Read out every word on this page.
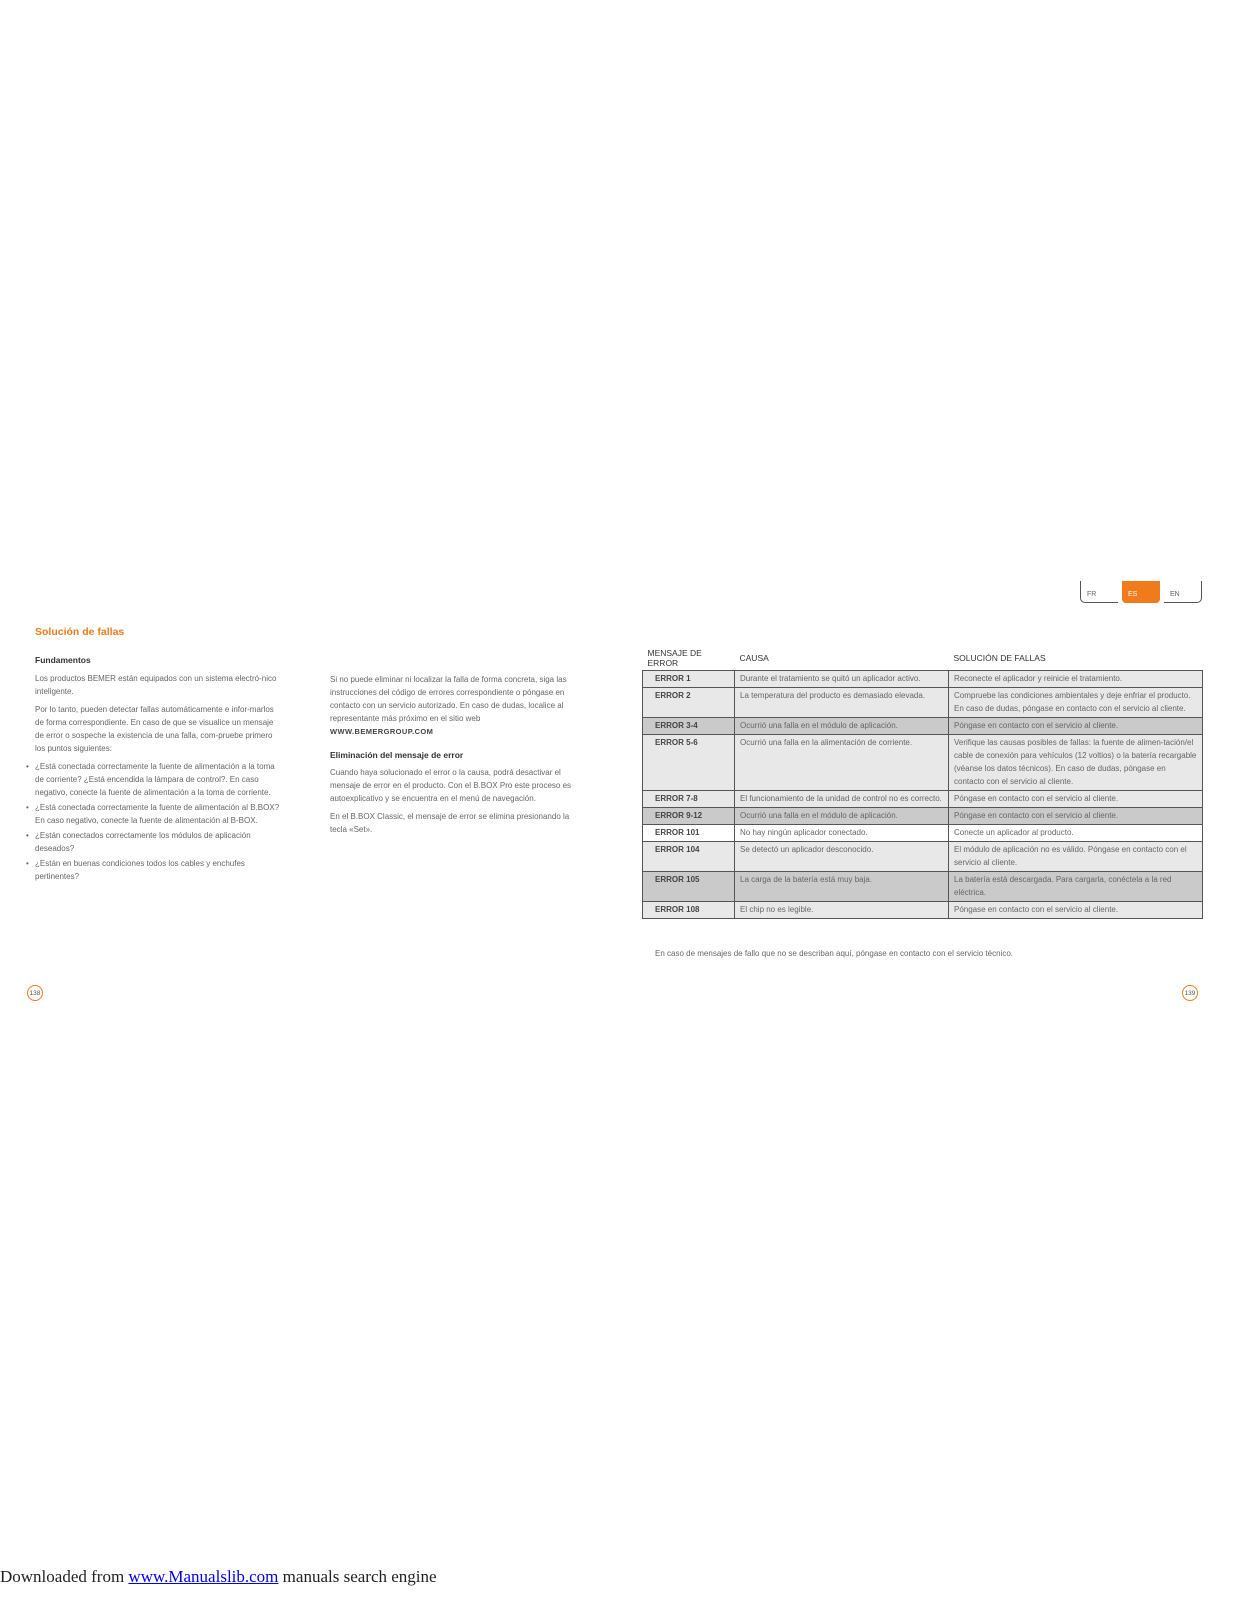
FR	ES	EN
Solución de fallas
Fundamentos

Los productos BEMER están equipados con un sistema electró-nico inteligente.

Por lo tanto, pueden detectar fallas automáticamente e infor-marlos de forma correspondiente. En caso de que se visualice un mensaje de error o sospeche la existencia de una falla, com-pruebe primero los puntos siguientes:

• ¿Está conectada correctamente la fuente de alimentación a la toma de corriente? ¿Está encendida la lámpara de control?. En caso negativo, conecte la fuente de alimentación a la toma de corriente.
• ¿Está conectada correctamente la fuente de alimentación al B.BOX? En caso negativo, conecte la fuente de alimentación al B-BOX.
• ¿Están conectados correctamente los módulos de aplicación deseados?
• ¿Están en buenas condiciones todos los cables y enchufes pertinentes?

Si no puede eliminar ni localizar la falla de forma concreta, siga las instrucciones del código de errores correspondiente o póngase en contacto con un servicio autorizado. En caso de dudas, localice al representante más próximo en el sitio web WWW.BEMERGROUP.COM

Eliminación del mensaje de error

Cuando haya solucionado el error o la causa, podrá desactivar el mensaje de error en el producto. Con el B.BOX Pro este proceso es autoexplicativo y se encuentra en el menú de navegación.

En el B.BOX Classic, el mensaje de error se elimina presionando la tecla «Set».

MENSAJE DE ERROR	CAUSA	SOLUCIÓN DE FALLAS
ERROR 1	Durante el tratamiento se quitó un aplicador activo.	Reconecte el aplicador y reinicie el tratamiento.
ERROR 2	La temperatura del producto es demasiado elevada.	Compruebe las condiciones ambientales y deje enfriar el producto. En caso de dudas, póngase en contacto con el servicio al cliente.
ERROR 3-4	Ocurrió una falla en el módulo de aplicación.	Póngase en contacto con el servicio al cliente.
ERROR 5-6	Ocurrió una falla en la alimentación de corriente.	Verifique las causas posibles de fallas: la fuente de alimen-tación/el cable de conexión para vehículos (12 voltios) o la batería recargable (véanse los datos técnicos). En caso de dudas, póngase en contacto con el servicio al cliente.
ERROR 7-8	El funcionamiento de la unidad de control no es correcto.	Póngase en contacto con el servicio al cliente.
ERROR 9-12	Ocurrió una falla en el módulo de aplicación.	Póngase en contacto con el servicio al cliente.
ERROR 101	No hay ningún aplicador conectado.	Conecte un aplicador al producto.
ERROR 104	Se detectó un aplicador desconocido.	El módulo de aplicación no es válido. Póngase en contacto con el servicio al cliente.
ERROR 105	La carga de la batería está muy baja.	La batería está descargada. Para cargarla, conéctela a la red eléctrica.
ERROR 108	El chip no es legible.	Póngase en contacto con el servicio al cliente.
En caso de mensajes de fallo que no se describan aquí, póngase en contacto con el servicio técnico.
138	139
Downloaded from www.Manualslib.com manuals search engine
